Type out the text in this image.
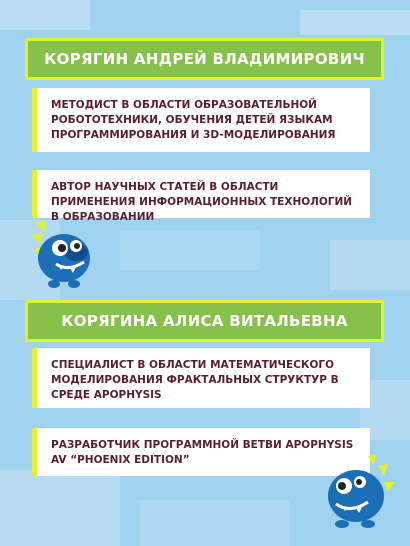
КОРЯГИН АНДРЕЙ ВЛАДИМИРОВИЧ
МЕТОДИСТ В ОБЛАСТИ ОБРАЗОВАТЕЛЬНОЙ РОБОТОТЕХНИКИ, ОБУЧЕНИЯ ДЕТЕЙ ЯЗЫКАМ ПРОГРАММИРОВАНИЯ И 3D-МОДЕЛИРОВАНИЯ
АВТОР НАУЧНЫХ СТАТЕЙ В ОБЛАСТИ ПРИМЕНЕНИЯ ИНФОРМАЦИОННЫХ ТЕХНОЛОГИЙ В ОБРАЗОВАНИИ
КОРЯГИНА АЛИСА ВИТАЛЬЕВНА
СПЕЦИАЛИСТ В ОБЛАСТИ МАТЕМАТИЧЕСКОГО МОДЕЛИРОВАНИЯ ФРАКТАЛЬНЫХ СТРУКТУР В СРЕДЕ APOPHYSIS
РАЗРАБОТЧИК ПРОГРАММНОЙ ВЕТВИ APOPHYSIS AV “PHOENIX EDITION”
